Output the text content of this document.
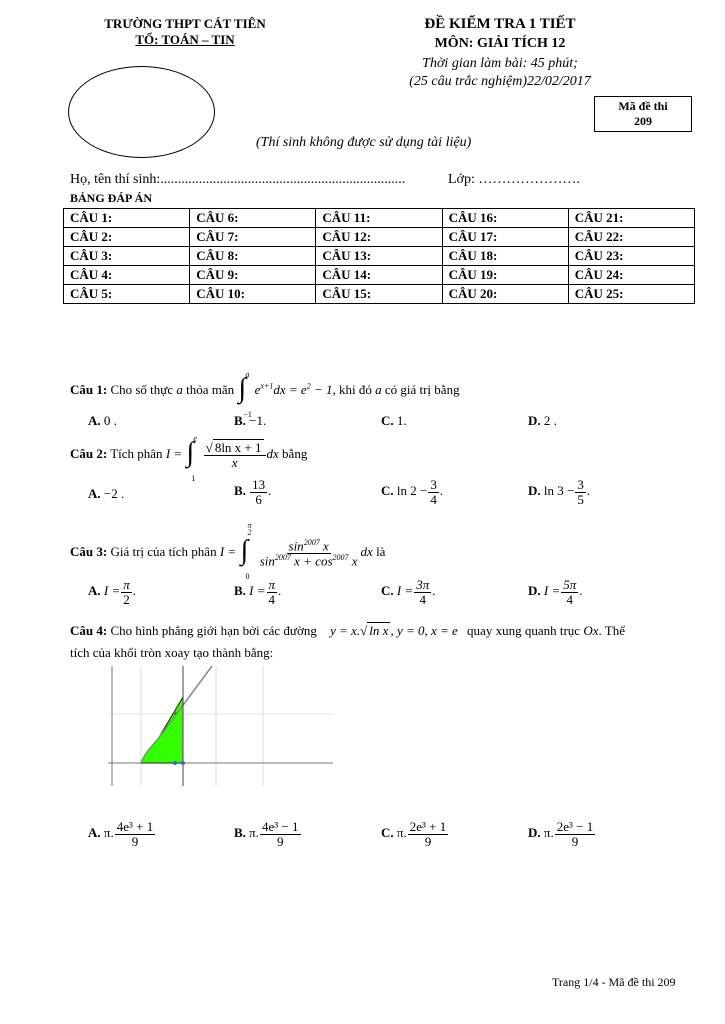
TRƯỜNG THPT CÁT TIÊN
TỔ: TOÁN – TIN
ĐỀ KIỂM TRA 1 TIẾT
MÔN: GIẢI TÍCH 12
Thời gian làm bài: 45 phút;
(25 câu trắc nghiệm)22/02/2017
Mã đề thi
209
(Thí sinh không được sử dụng tài liệu)
Họ, tên thí sinh:......................................................................	Lớp: ………………….
BẢNG ĐÁP ÁN
CÂU 1:	CÂU 6:	CÂU 11:	CÂU 16:	CÂU 21:
CÂU 2:	CÂU 7:	CÂU 12:	CÂU 17:	CÂU 22:
CÂU 3:	CÂU 8:	CÂU 13:	CÂU 18:	CÂU 23:
CÂU 4:	CÂU 9:	CÂU 14:	CÂU 19:	CÂU 24:
CÂU 5:	CÂU 10:	CÂU 15:	CÂU 20:	CÂU 25:
Câu 1: Cho số thực a thỏa mãn ∫ a
−1
$e^{x+1}dx = e^2 - 1$, khi đó a có giá trị bằng
A. 0 .	B. −1.	C. 1.	D. 2 .
Câu 2: Tích phân I = ∫ e
1

$\frac{\text{√ 8ln x + 1}}{x}$ dx bằng
A. −2 .	B. $\frac{13}{6}$ .	C. $\ln 2 - \frac{3}{4}$ .	D. $\ln 3 - \frac{3}{5}$ .
Câu 3: Giá trị của tích phân I = ∫
π
2
0

$\frac{\sin^{2007} x}{\sin^{2007} x + \cos^{2007} x}$ dx là
A. $I = \frac{\pi}{2}$ .	B. $I = \frac{\pi}{4}$ .	C. $I = \frac{3\pi}{4}$ .	D. $I = \frac{5\pi}{4}$ .
Câu 4: Cho hình phẳng giới hạn bởi các đường y = x.√ ln x , y = 0, x = e quay xung quanh trục Ox. Thể
tích của khối tròn xoay tạo thành bằng:
A. π. $\frac{\text{4e³ + 1}}{9}$	B. π. $\frac{\text{4e³ − 1}}{9}$	C. π. $\frac{\text{2e³ + 1}}{9}$	D. π. $\frac{\text{2e³ − 1}}{9}$
Trang 1/4 - Mã đề thi 209
